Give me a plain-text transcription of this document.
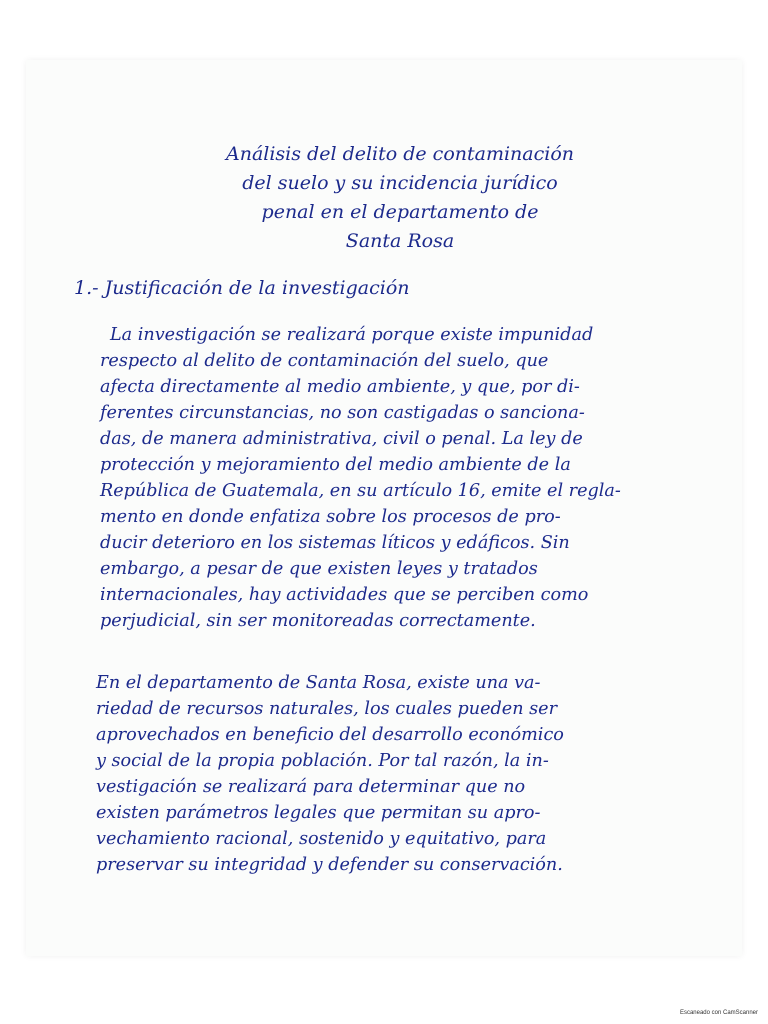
Análisis del delito de contaminación
del suelo y su incidencia jurídico
penal en el departamento de
Santa Rosa
1.- Justificación de la investigación

La investigación se realizará porque existe impunidad
respecto al delito de contaminación del suelo, que
afecta directamente al medio ambiente, y que, por di-
ferentes circunstancias, no son castigadas o sanciona-
das, de manera administrativa, civil o penal. La ley de
protección y mejoramiento del medio ambiente de la
República de Guatemala, en su artículo 16, emite el regla-
mento en donde enfatiza sobre los procesos de pro-
ducir deterioro en los sistemas líticos y edáficos. Sin
embargo, a pesar de que existen leyes y tratados
internacionales, hay actividades que se perciben como
perjudicial, sin ser monitoreadas correctamente.

En el departamento de Santa Rosa, existe una va-
riedad de recursos naturales, los cuales pueden ser
aprovechados en beneficio del desarrollo económico
y social de la propia población. Por tal razón, la in-
vestigación se realizará para determinar que no
existen parámetros legales que permitan su apro-
vechamiento racional, sostenido y equitativo, para
preservar su integridad y defender su conservación.

Escaneado con CamScanner
